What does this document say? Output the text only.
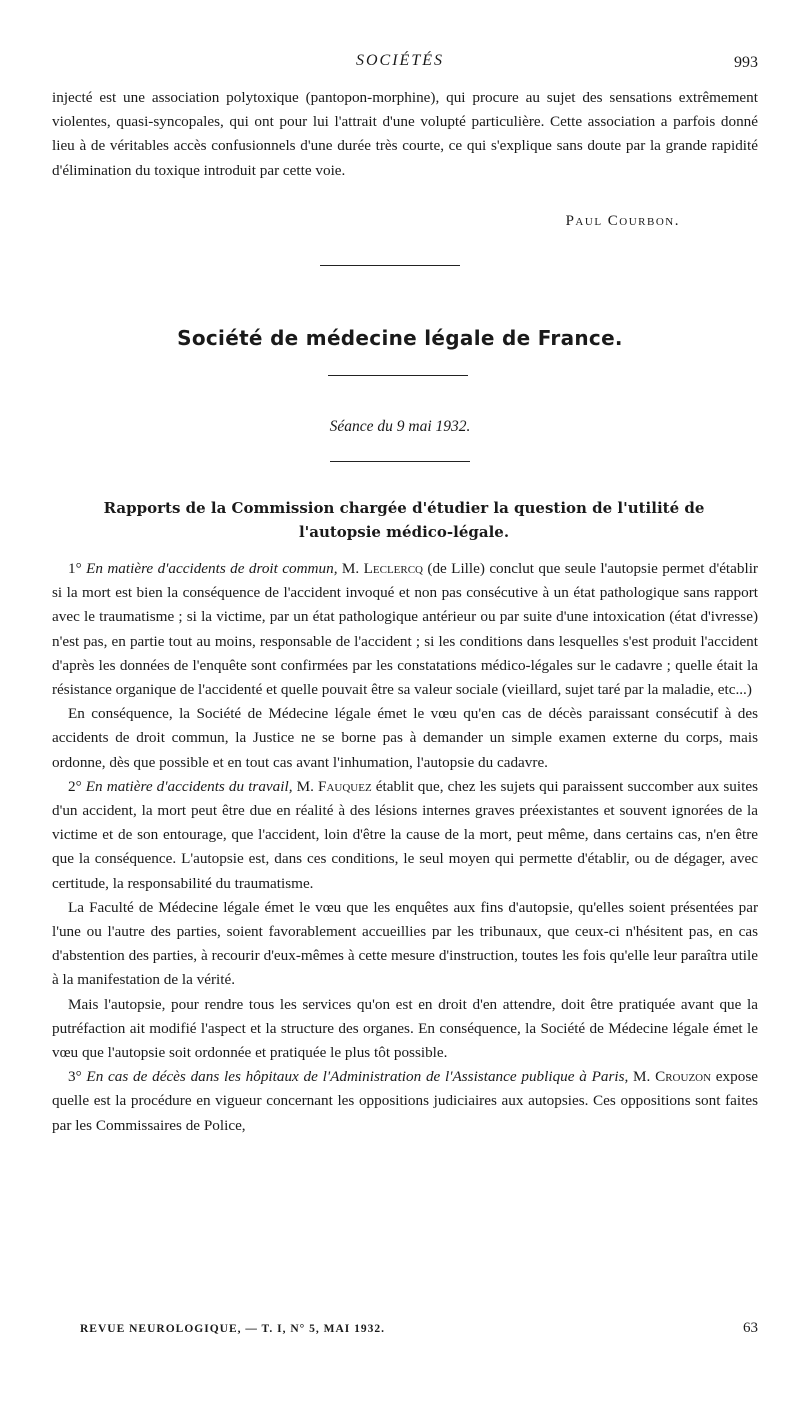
SOCIÉTÉS	993

injecté est une association polytoxique (pantopon-morphine), qui procure au sujet des sensations extrêmement violentes, quasi-syncopales, qui ont pour lui l'attrait d'une volupté particulière. Cette association a parfois donné lieu à de véritables accès confusionnels d'une durée très courte, ce qui s'explique sans doute par la grande rapidité d'élimination du toxique introduit par cette voie.

Paul Courbon.
Société de médecine légale de France.
Séance du 9 mai 1932.
Rapports de la Commission chargée d'étudier la question de l'utilité de l'autopsie médico-légale.

1° En matière d'accidents de droit commun, M. Leclercq (de Lille) conclut que seule l'autopsie permet d'établir si la mort est bien la conséquence de l'accident invoqué et non pas consécutive à un état pathologique sans rapport avec le traumatisme ; si la victime, par un état pathologique antérieur ou par suite d'une intoxication (état d'ivresse) n'est pas, en partie tout au moins, responsable de l'accident ; si les conditions dans lesquelles s'est produit l'accident d'après les données de l'enquête sont confirmées par les constatations médico-légales sur le cadavre ; quelle était la résistance organique de l'accidenté et quelle pouvait être sa valeur sociale (vieillard, sujet taré par la maladie, etc...)

En conséquence, la Société de Médecine légale émet le vœu qu'en cas de décès paraissant consécutif à des accidents de droit commun, la Justice ne se borne pas à demander un simple examen externe du corps, mais ordonne, dès que possible et en tout cas avant l'inhumation, l'autopsie du cadavre.

2° En matière d'accidents du travail, M. Fauquez établit que, chez les sujets qui paraissent succomber aux suites d'un accident, la mort peut être due en réalité à des lésions internes graves préexistantes et souvent ignorées de la victime et de son entourage, que l'accident, loin d'être la cause de la mort, peut même, dans certains cas, n'en être que la conséquence. L'autopsie est, dans ces conditions, le seul moyen qui permette d'établir, ou de dégager, avec certitude, la responsabilité du traumatisme.

La Faculté de Médecine légale émet le vœu que les enquêtes aux fins d'autopsie, qu'elles soient présentées par l'une ou l'autre des parties, soient favorablement accueillies par les tribunaux, que ceux-ci n'hésitent pas, en cas d'abstention des parties, à recourir d'eux-mêmes à cette mesure d'instruction, toutes les fois qu'elle leur paraîtra utile à la manifestation de la vérité.

Mais l'autopsie, pour rendre tous les services qu'on est en droit d'en attendre, doit être pratiquée avant que la putréfaction ait modifié l'aspect et la structure des organes. En conséquence, la Société de Médecine légale émet le vœu que l'autopsie soit ordonnée et pratiquée le plus tôt possible.

3° En cas de décès dans les hôpitaux de l'Administration de l'Assistance publique à Paris, M. Crouzon expose quelle est la procédure en vigueur concernant les oppositions judiciaires aux autopsies. Ces oppositions sont faites par les Commissaires de Police,

REVUE NEUROLOGIQUE, — T. I, N° 5, MAI 1932.	63
